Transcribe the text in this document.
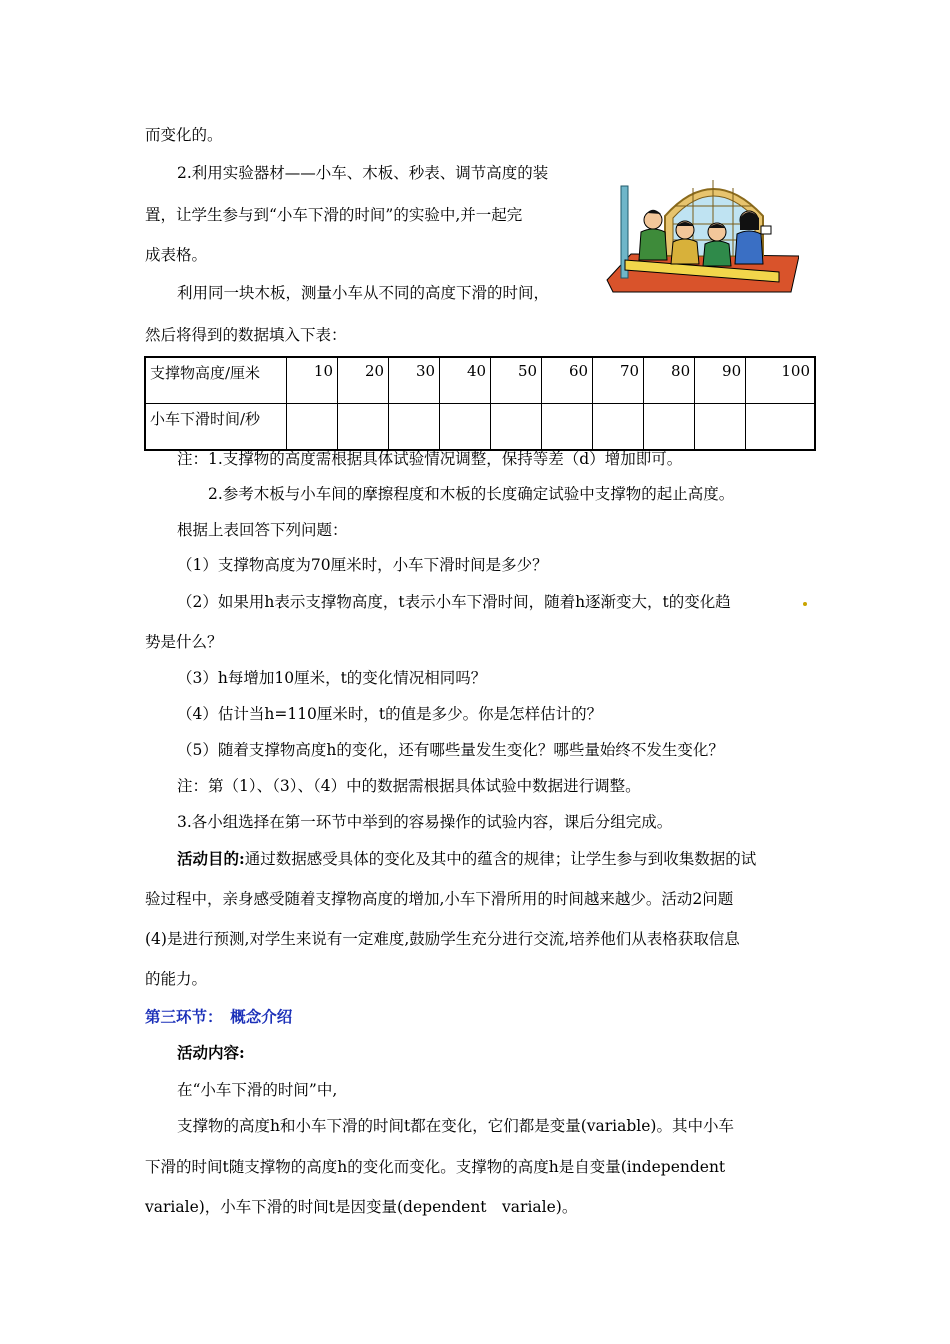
而变化的。
2.利用实验器材——小车、木板、秒表、调节高度的装
置，让学生参与到“小车下滑的时间”的实验中,并一起完
成表格。
利用同一块木板，测量小车从不同的高度下滑的时间，
然后将得到的数据填入下表：
支撑物高度/厘米	10	20	30	40	50	60	70	80	90	100
小车下滑时间/秒										
注：1.支撑物的高度需根据具体试验情况调整，保持等差（d）增加即可。
2.参考木板与小车间的摩擦程度和木板的长度确定试验中支撑物的起止高度。
根据上表回答下列问题：
（1）支撑物高度为70厘米时，小车下滑时间是多少？
（2）如果用h表示支撑物高度，t表示小车下滑时间，随着h逐渐变大，t的变化趋
势是什么？
（3）h每增加10厘米，t的变化情况相同吗？
（4）估计当h=110厘米时，t的值是多少。你是怎样估计的？
（5）随着支撑物高度h的变化，还有哪些量发生变化？哪些量始终不发生变化？
注：第（1）、（3）、（4）中的数据需根据具体试验中数据进行调整。
3.各小组选择在第一环节中举到的容易操作的试验内容，课后分组完成。
活动目的:通过数据感受具体的变化及其中的蕴含的规律；让学生参与到收集数据的试
验过程中，亲身感受随着支撑物高度的增加,小车下滑所用的时间越来越少。活动2问题
(4)是进行预测,对学生来说有一定难度,鼓励学生充分进行交流,培养他们从表格获取信息
的能力。
第三环节：　概念介绍
活动内容:
在“小车下滑的时间”中,
支撑物的高度h和小车下滑的时间t都在变化，它们都是变量(variable)。其中小车
下滑的时间t随支撑物的高度h的变化而变化。支撑物的高度h是自变量(independent
variale)，小车下滑的时间t是因变量(dependent　variale)。
